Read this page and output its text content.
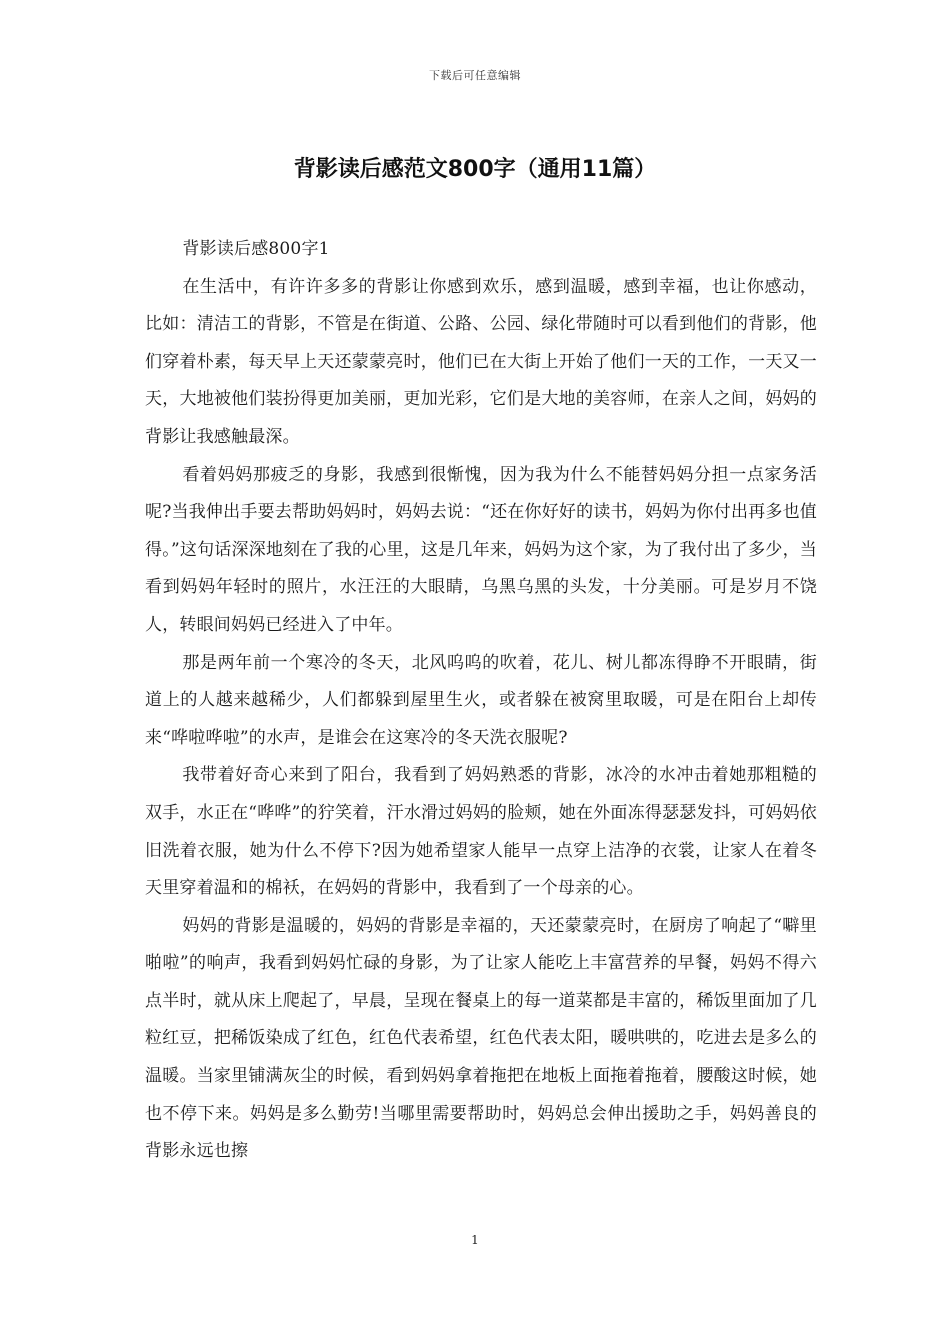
下载后可任意编辑
背影读后感范文800字（通用11篇）

背影读后感800字1

在生活中，有许许多多的背影让你感到欢乐，感到温暖，感到幸福，也让你感动，比如：清洁工的背影，不管是在街道、公路、公园、绿化带随时可以看到他们的背影，他们穿着朴素，每天早上天还蒙蒙亮时，他们已在大街上开始了他们一天的工作，一天又一天，大地被他们装扮得更加美丽，更加光彩，它们是大地的美容师，在亲人之间，妈妈的背影让我感触最深。

看着妈妈那疲乏的身影，我感到很惭愧，因为我为什么不能替妈妈分担一点家务活呢?当我伸出手要去帮助妈妈时，妈妈去说：“还在你好好的读书，妈妈为你付出再多也值得。”这句话深深地刻在了我的心里，这是几年来，妈妈为这个家，为了我付出了多少，当看到妈妈年轻时的照片，水汪汪的大眼睛，乌黑乌黑的头发，十分美丽。可是岁月不饶人，转眼间妈妈已经进入了中年。

那是两年前一个寒冷的冬天，北风呜呜的吹着，花儿、树儿都冻得睁不开眼睛，街道上的人越来越稀少，人们都躲到屋里生火，或者躲在被窝里取暖，可是在阳台上却传来“哗啦哗啦”的水声，是谁会在这寒冷的冬天洗衣服呢?

我带着好奇心来到了阳台，我看到了妈妈熟悉的背影，冰冷的水冲击着她那粗糙的双手，水正在“哗哗”的狞笑着，汗水滑过妈妈的脸颊，她在外面冻得瑟瑟发抖，可妈妈依旧洗着衣服，她为什么不停下?因为她希望家人能早一点穿上洁净的衣裳，让家人在着冬天里穿着温和的棉袄，在妈妈的背影中，我看到了一个母亲的心。

妈妈的背影是温暖的，妈妈的背影是幸福的，天还蒙蒙亮时，在厨房了响起了“噼里啪啦”的响声，我看到妈妈忙碌的身影，为了让家人能吃上丰富营养的早餐，妈妈不得六点半时，就从床上爬起了，早晨，呈现在餐桌上的每一道菜都是丰富的，稀饭里面加了几粒红豆，把稀饭染成了红色，红色代表希望，红色代表太阳，暖哄哄的，吃进去是多么的温暖。当家里铺满灰尘的时候，看到妈妈拿着拖把在地板上面拖着拖着，腰酸这时候，她也不停下来。妈妈是多么勤劳!当哪里需要帮助时，妈妈总会伸出援助之手，妈妈善良的背影永远也擦

1
